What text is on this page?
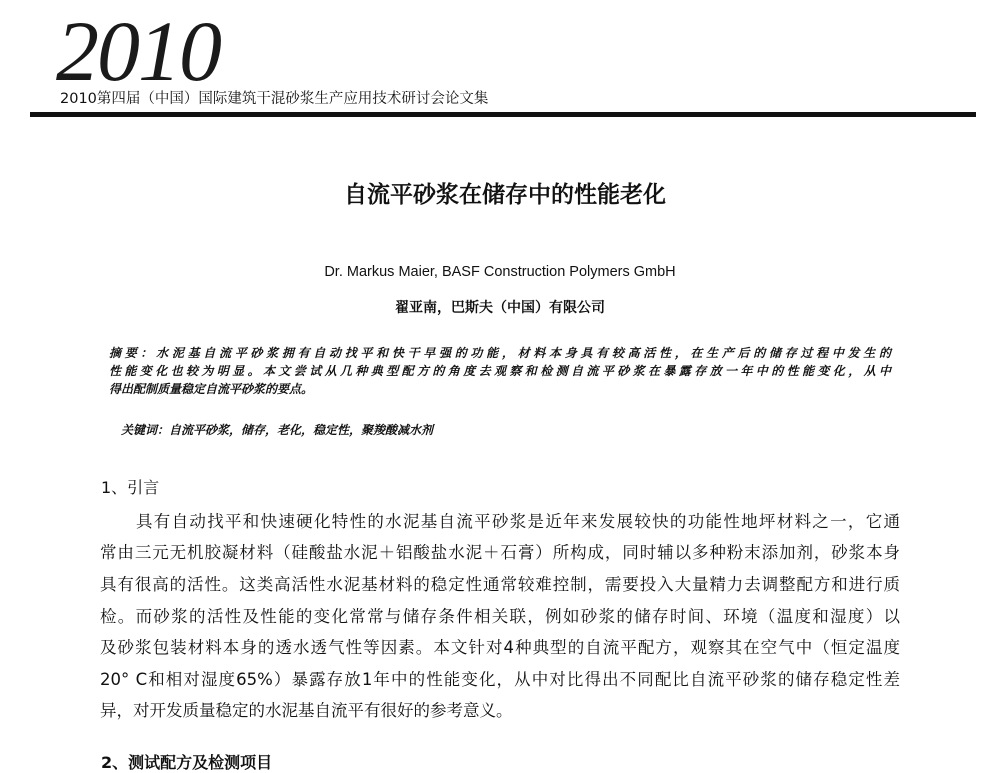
2010
2010第四届（中国）国际建筑干混砂浆生产应用技术研讨会论文集
自流平砂浆在储存中的性能老化
Dr. Markus Maier, BASF Construction Polymers GmbH
翟亚南，巴斯夫（中国）有限公司
摘要：水泥基自流平砂浆拥有自动找平和快干早强的功能，材料本身具有较高活性，在生产后的储存过程中发生的
性能变化也较为明显。本文尝试从几种典型配方的角度去观察和检测自流平砂浆在暴露存放一年中的性能变化，从中
得出配制质量稳定自流平砂浆的要点。
关键词：自流平砂浆，储存，老化，稳定性，聚羧酸减水剂
1、引言
具有自动找平和快速硬化特性的水泥基自流平砂浆是近年来发展较快的功能性地坪材料之一，它通
常由三元无机胶凝材料（硅酸盐水泥＋铝酸盐水泥＋石膏）所构成，同时辅以多种粉末添加剂，砂浆本身
具有很高的活性。这类高活性水泥基材料的稳定性通常较难控制，需要投入大量精力去调整配方和进行质
检。而砂浆的活性及性能的变化常常与储存条件相关联，例如砂浆的储存时间、环境（温度和湿度）以
及砂浆包装材料本身的透水透气性等因素。本文针对4种典型的自流平配方，观察其在空气中（恒定温度
20° C和相对湿度65%）暴露存放1年中的性能变化，从中对比得出不同配比自流平砂浆的储存稳定性差
异，对开发质量稳定的水泥基自流平有很好的参考意义。
2、测试配方及检测项目
